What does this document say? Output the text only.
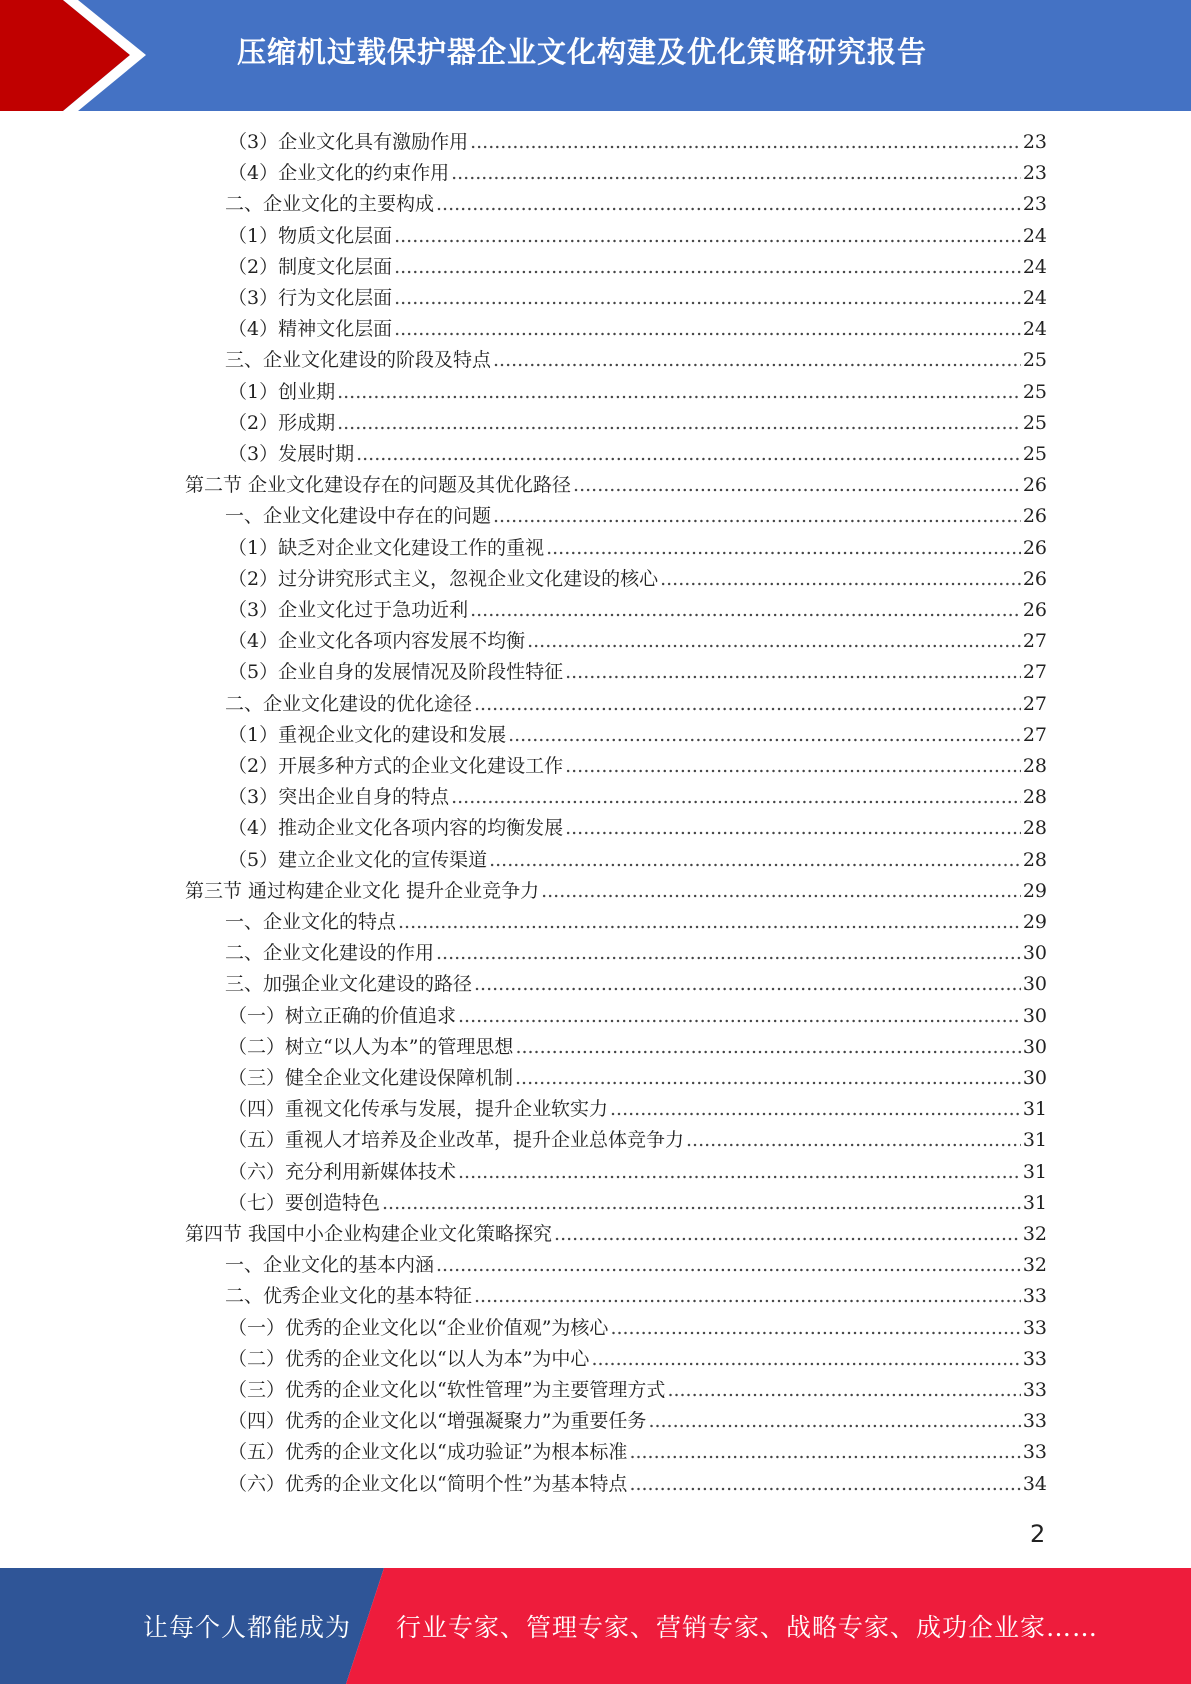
压缩机过载保护器企业文化构建及优化策略研究报告
（3）企业文化具有激励作用 .....	23
（4）企业文化的约束作用 .....	23
二、企业文化的主要构成 .....	23
（1）物质文化层面 .....	24
（2）制度文化层面 .....	24
（3）行为文化层面 .....	24
（4）精神文化层面 .....	24
三、企业文化建设的阶段及特点 .....	25
（1）创业期 .....	25
（2）形成期 .....	25
（3）发展时期 .....	25
第二节 企业文化建设存在的问题及其优化路径 .....	26
一、企业文化建设中存在的问题 .....	26
（1）缺乏对企业文化建设工作的重视 .....	26
（2）过分讲究形式主义，忽视企业文化建设的核心 .....	26
（3）企业文化过于急功近利 .....	26
（4）企业文化各项内容发展不均衡 .....	27
（5）企业自身的发展情况及阶段性特征 .....	27
二、企业文化建设的优化途径 .....	27
（1）重视企业文化的建设和发展 .....	27
（2）开展多种方式的企业文化建设工作 .....	28
（3）突出企业自身的特点 .....	28
（4）推动企业文化各项内容的均衡发展 .....	28
（5）建立企业文化的宣传渠道 .....	28
第三节 通过构建企业文化 提升企业竞争力 .....	29
一、企业文化的特点 .....	29
二、企业文化建设的作用 .....	30
三、加强企业文化建设的路径 .....	30
（一）树立正确的价值追求 .....	30
（二）树立“以人为本”的管理思想 .....	30
（三）健全企业文化建设保障机制 .....	30
（四）重视文化传承与发展，提升企业软实力 .....	31
（五）重视人才培养及企业改革，提升企业总体竞争力 .....	31
（六）充分利用新媒体技术 .....	31
（七）要创造特色 .....	31
第四节 我国中小企业构建企业文化策略探究 .....	32
一、企业文化的基本内涵 .....	32
二、优秀企业文化的基本特征 .....	33
（一）优秀的企业文化以“企业价值观”为核心 .....	33
（二）优秀的企业文化以“以人为本”为中心 .....	33
（三）优秀的企业文化以“软性管理”为主要管理方式 .....	33
（四）优秀的企业文化以“增强凝聚力”为重要任务 .....	33
（五）优秀的企业文化以“成功验证”为根本标准 .....	33
（六）优秀的企业文化以“简明个性”为基本特点 .....	34
2
让每个人都能成为 行业专家、管理专家、营销专家、战略专家、成功企业家……
